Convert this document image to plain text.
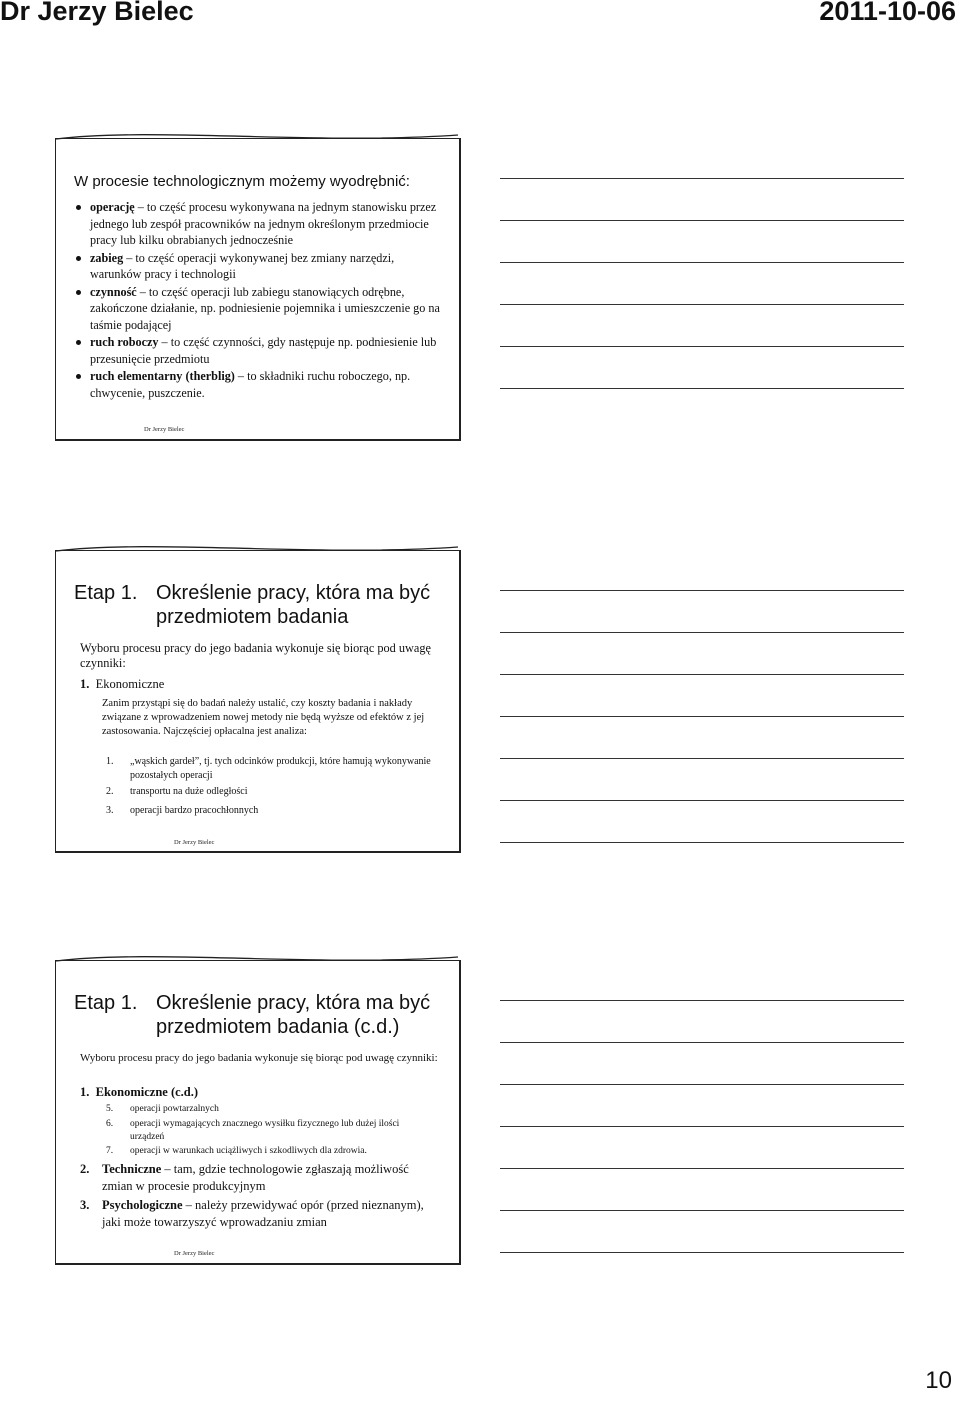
Dr Jerzy Bielec	2011-10-06
W procesie technologicznym możemy wyodrębnić:
operację – to część procesu wykonywana na jednym stanowisku przez jednego lub zespół pracowników na jednym określonym przedmiocie pracy lub kilku obrabianych jednocześnie
zabieg – to część operacji wykonywanej bez zmiany narzędzi, warunków pracy i technologii
czynność – to część operacji lub zabiegu stanowiących odrębne, zakończone działanie, np. podniesienie pojemnika i umieszczenie go na taśmie podającej
ruch roboczy – to część czynności, gdy następuje np. podniesienie lub przesunięcie przedmiotu
ruch elementarny (therblig) – to składniki ruchu roboczego, np. chwycenie, puszczenie.
Dr Jerzy Bielec
Etap 1. Określenie pracy, która ma być przedmiotem badania
Wyboru procesu pracy do jego badania wykonuje się biorąc pod uwagę czynniki:
1. Ekonomiczne
Zanim przystąpi się do badań należy ustalić, czy koszty badania i nakłady związane z wprowadzeniem nowej metody nie będą wyższe od efektów z jej zastosowania. Najczęściej opłacalna jest analiza:
1. „wąskich gardeł”, tj. tych odcinków produkcji, które hamują wykonywanie pozostałych operacji
2. transportu na duże odległości
3. operacji bardzo pracochłonnych
Dr Jerzy Bielec
Etap 1. Określenie pracy, która ma być przedmiotem badania (c.d.)
Wyboru procesu pracy do jego badania wykonuje się biorąc pod uwagę czynniki:
1. Ekonomiczne (c.d.)
5. operacji powtarzalnych
6. operacji wymagających znacznego wysiłku fizycznego lub dużej ilości urządzeń
7. operacji w warunkach uciążliwych i szkodliwych dla zdrowia.
2. Techniczne – tam, gdzie technologowie zgłaszają możliwość zmian w procesie produkcyjnym
3. Psychologiczne – należy przewidywać opór (przed nieznanym), jaki może towarzyszyć wprowadzaniu zmian
Dr Jerzy Bielec
10
